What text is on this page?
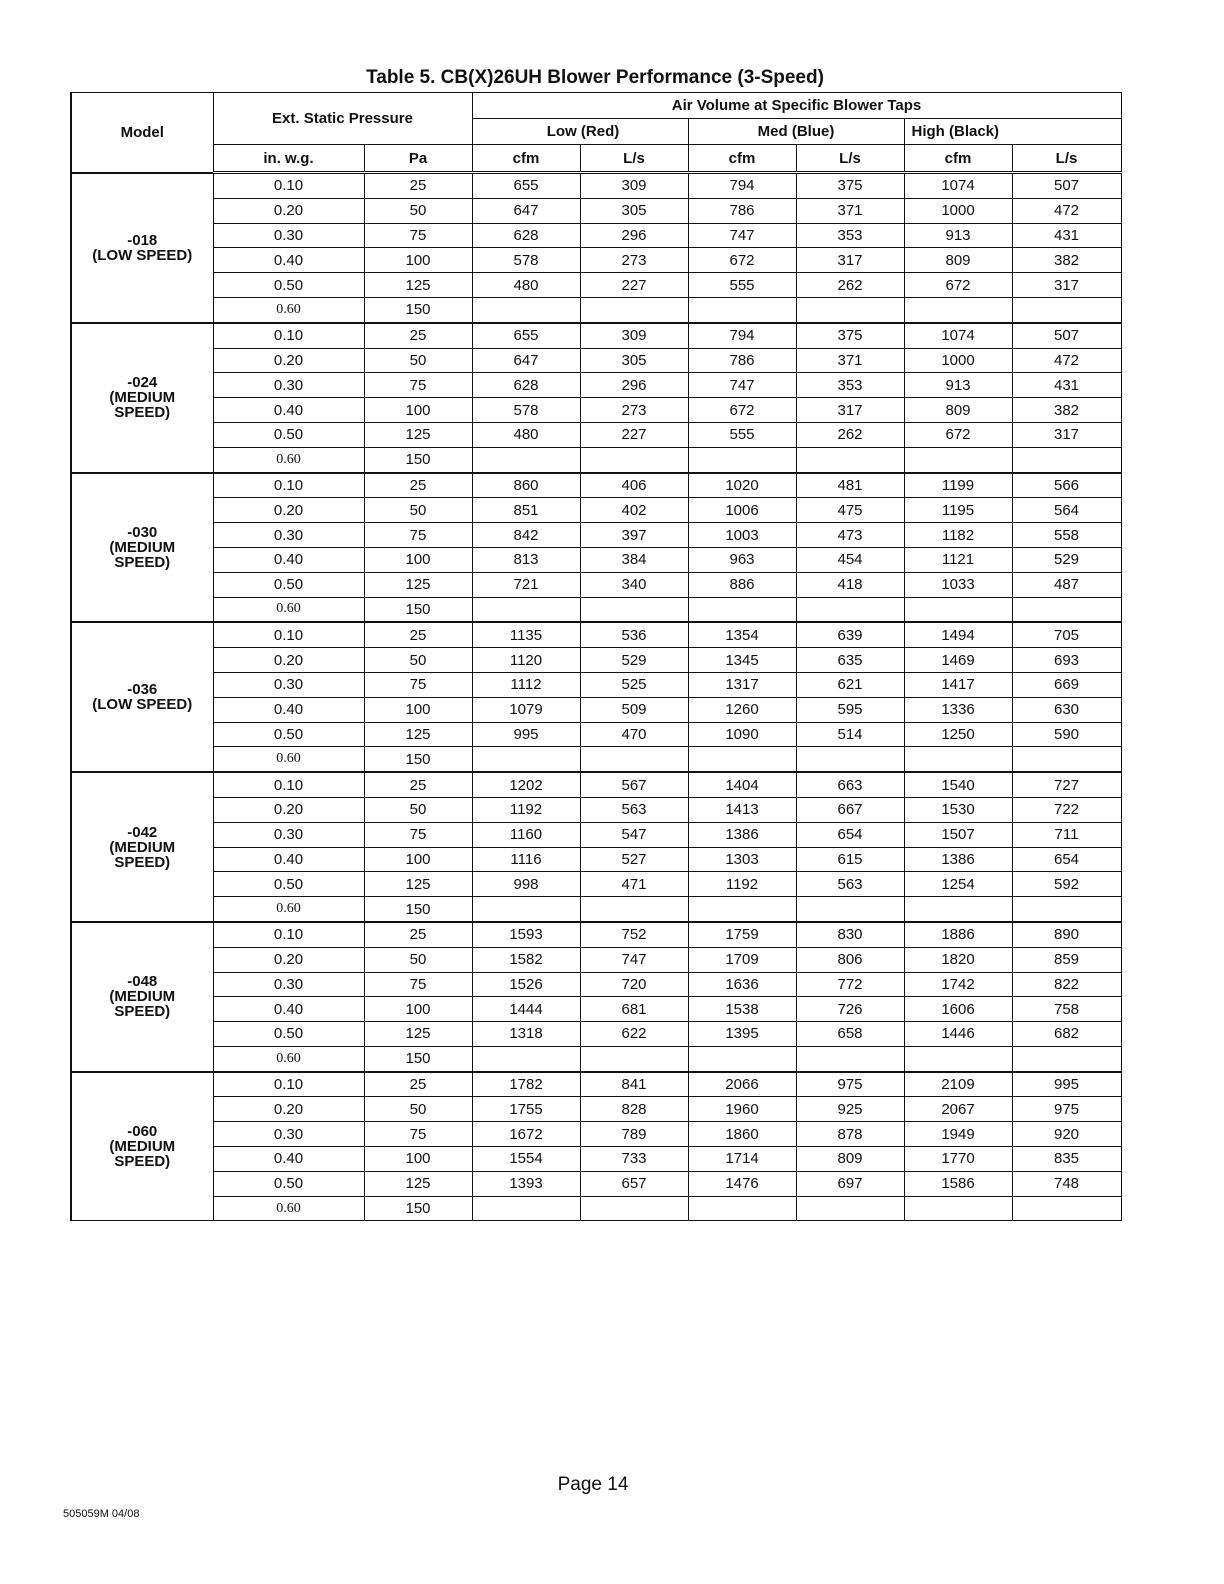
Table 5. CB(X)26UH Blower Performance (3-Speed)
Model	Ext. Static Pressure		Air Volume at Specific Blower Taps					
			Low (Red)		Med (Blue)		High (Black)	
	in. w.g.	Pa	cfm	L/s	cfm	L/s	cfm	L/s

-018
(LOW SPEED)	0.10	25	655	309	794	375	1074	507
	0.20	50	647	305	786	371	1000	472
	0.30	75	628	296	747	353	913	431
	0.40	100	578	273	672	317	809	382
	0.50	125	480	227	555	262	672	317
	0.60	150						

-024
(MEDIUM
SPEED)	0.10	25	655	309	794	375	1074	507
	0.20	50	647	305	786	371	1000	472
	0.30	75	628	296	747	353	913	431
	0.40	100	578	273	672	317	809	382
	0.50	125	480	227	555	262	672	317
	0.60	150						

-030
(MEDIUM
SPEED)	0.10	25	860	406	1020	481	1199	566
	0.20	50	851	402	1006	475	1195	564
	0.30	75	842	397	1003	473	1182	558
	0.40	100	813	384	963	454	1121	529
	0.50	125	721	340	886	418	1033	487
	0.60	150						

-036
(LOW SPEED)	0.10	25	1135	536	1354	639	1494	705
	0.20	50	1120	529	1345	635	1469	693
	0.30	75	1112	525	1317	621	1417	669
	0.40	100	1079	509	1260	595	1336	630
	0.50	125	995	470	1090	514	1250	590
	0.60	150						

-042
(MEDIUM
SPEED)	0.10	25	1202	567	1404	663	1540	727
	0.20	50	1192	563	1413	667	1530	722
	0.30	75	1160	547	1386	654	1507	711
	0.40	100	1116	527	1303	615	1386	654
	0.50	125	998	471	1192	563	1254	592
	0.60	150						

-048
(MEDIUM
SPEED)	0.10	25	1593	752	1759	830	1886	890
	0.20	50	1582	747	1709	806	1820	859
	0.30	75	1526	720	1636	772	1742	822
	0.40	100	1444	681	1538	726	1606	758
	0.50	125	1318	622	1395	658	1446	682
	0.60	150						

-060
(MEDIUM
SPEED)	0.10	25	1782	841	2066	975	2109	995
	0.20	50	1755	828	1960	925	2067	975
	0.30	75	1672	789	1860	878	1949	920
	0.40	100	1554	733	1714	809	1770	835
	0.50	125	1393	657	1476	697	1586	748
	0.60	150						
Page 14
505059M 04/08
